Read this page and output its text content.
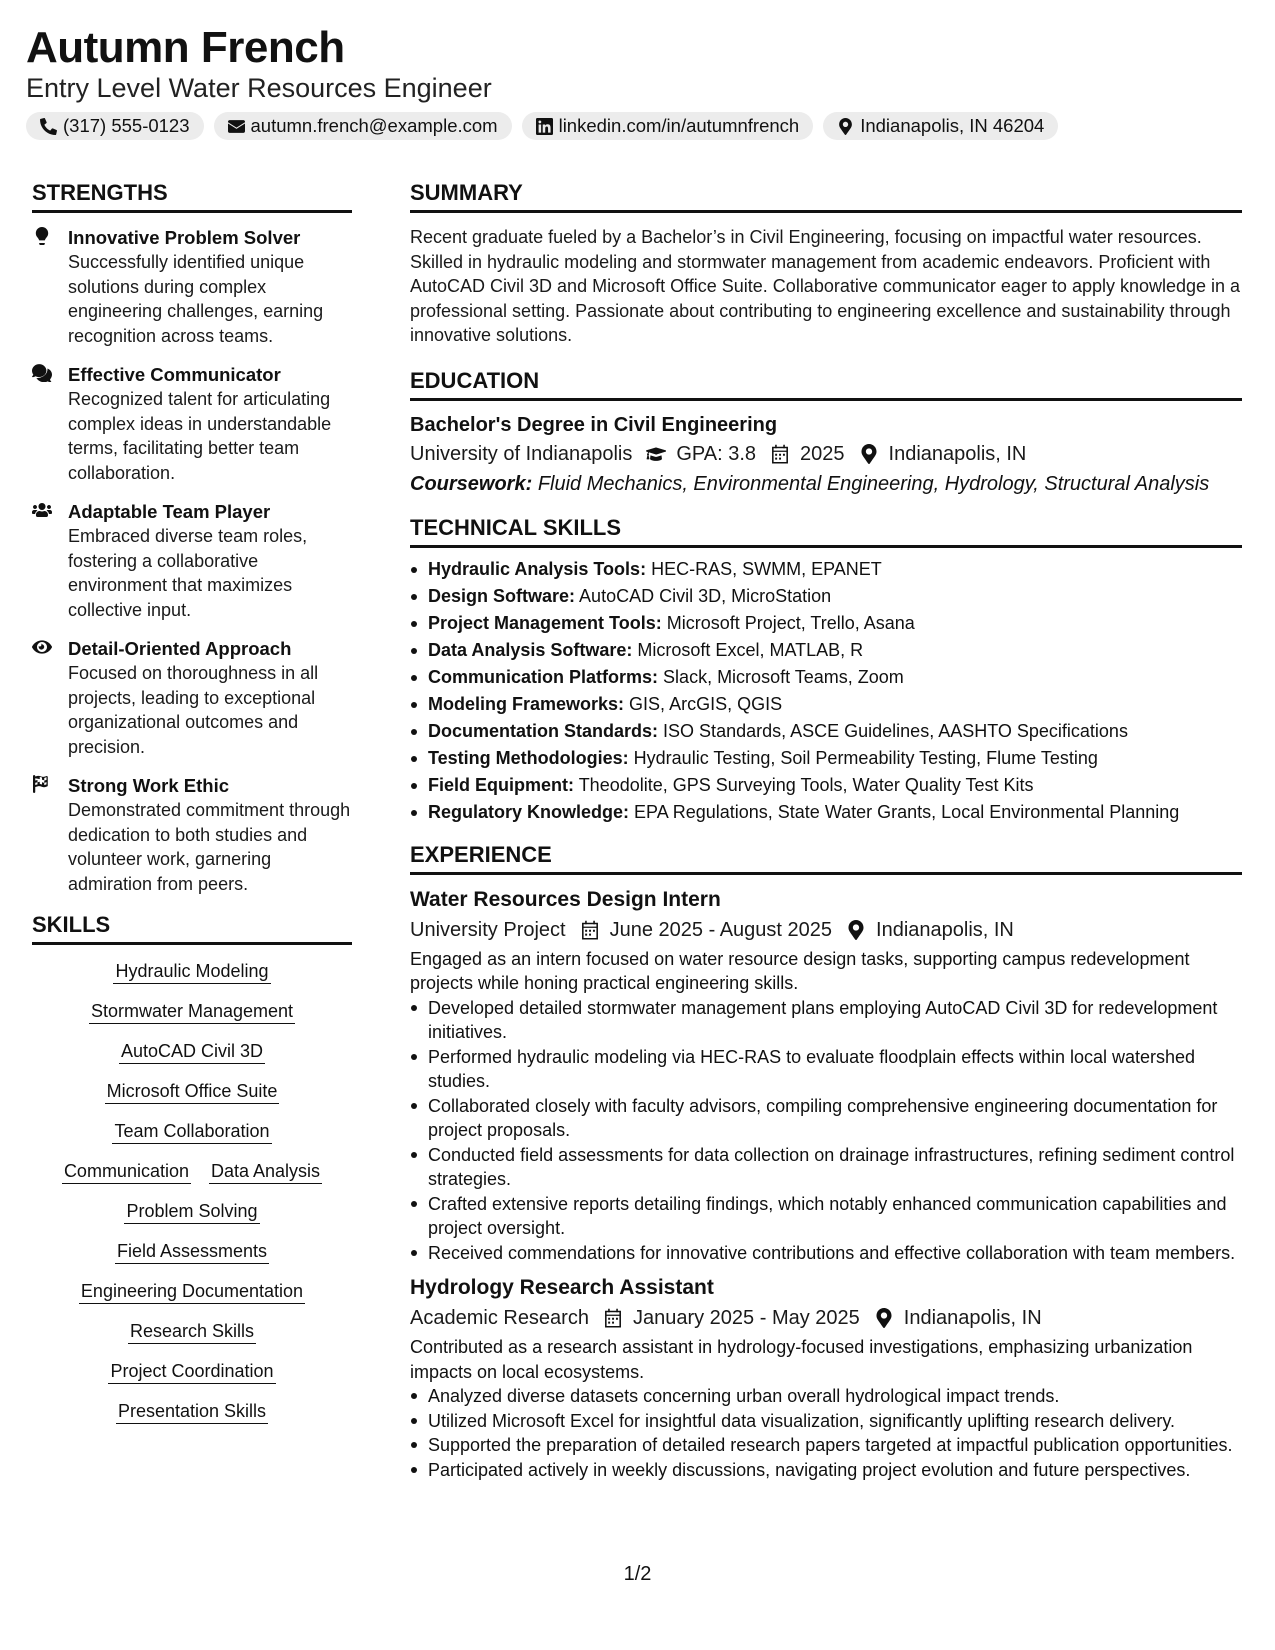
Autumn French
Entry Level Water Resources Engineer
(317) 555-0123	autumn.french@example.com	linkedin.com/in/autumnfrench	Indianapolis, IN 46204
STRENGTHS
Innovative Problem Solver
Successfully identified unique solutions during complex engineering challenges, earning recognition across teams.
Effective Communicator
Recognized talent for articulating complex ideas in understandable terms, facilitating better team collaboration.
Adaptable Team Player
Embraced diverse team roles, fostering a collaborative environment that maximizes collective input.
Detail-Oriented Approach
Focused on thoroughness in all projects, leading to exceptional organizational outcomes and precision.
Strong Work Ethic
Demonstrated commitment through dedication to both studies and volunteer work, garnering admiration from peers.
SKILLS
Hydraulic Modeling
Stormwater Management
AutoCAD Civil 3D
Microsoft Office Suite
Team Collaboration
Communication Data Analysis
Problem Solving
Field Assessments
Engineering Documentation
Research Skills
Project Coordination
Presentation Skills
SUMMARY
Recent graduate fueled by a Bachelor’s in Civil Engineering, focusing on impactful water resources. Skilled in hydraulic modeling and stormwater management from academic endeavors. Proficient with AutoCAD Civil 3D and Microsoft Office Suite. Collaborative communicator eager to apply knowledge in a professional setting. Passionate about contributing to engineering excellence and sustainability through innovative solutions.
EDUCATION
Bachelor's Degree in Civil Engineering
University of Indianapolis GPA: 3.8 2025 Indianapolis, IN
Coursework: Fluid Mechanics, Environmental Engineering, Hydrology, Structural Analysis
TECHNICAL SKILLS
Hydraulic Analysis Tools: HEC-RAS, SWMM, EPANET
Design Software: AutoCAD Civil 3D, MicroStation
Project Management Tools: Microsoft Project, Trello, Asana
Data Analysis Software: Microsoft Excel, MATLAB, R
Communication Platforms: Slack, Microsoft Teams, Zoom
Modeling Frameworks: GIS, ArcGIS, QGIS
Documentation Standards: ISO Standards, ASCE Guidelines, AASHTO Specifications
Testing Methodologies: Hydraulic Testing, Soil Permeability Testing, Flume Testing
Field Equipment: Theodolite, GPS Surveying Tools, Water Quality Test Kits
Regulatory Knowledge: EPA Regulations, State Water Grants, Local Environmental Planning
EXPERIENCE
Water Resources Design Intern
University Project June 2025 - August 2025 Indianapolis, IN
Engaged as an intern focused on water resource design tasks, supporting campus redevelopment projects while honing practical engineering skills.
Developed detailed stormwater management plans employing AutoCAD Civil 3D for redevelopment initiatives.
Performed hydraulic modeling via HEC-RAS to evaluate floodplain effects within local watershed studies.
Collaborated closely with faculty advisors, compiling comprehensive engineering documentation for project proposals.
Conducted field assessments for data collection on drainage infrastructures, refining sediment control strategies.
Crafted extensive reports detailing findings, which notably enhanced communication capabilities and project oversight.
Received commendations for innovative contributions and effective collaboration with team members.
Hydrology Research Assistant
Academic Research January 2025 - May 2025 Indianapolis, IN
Contributed as a research assistant in hydrology-focused investigations, emphasizing urbanization impacts on local ecosystems.
Analyzed diverse datasets concerning urban overall hydrological impact trends.
Utilized Microsoft Excel for insightful data visualization, significantly uplifting research delivery.
Supported the preparation of detailed research papers targeted at impactful publication opportunities.
Participated actively in weekly discussions, navigating project evolution and future perspectives.
1/2
